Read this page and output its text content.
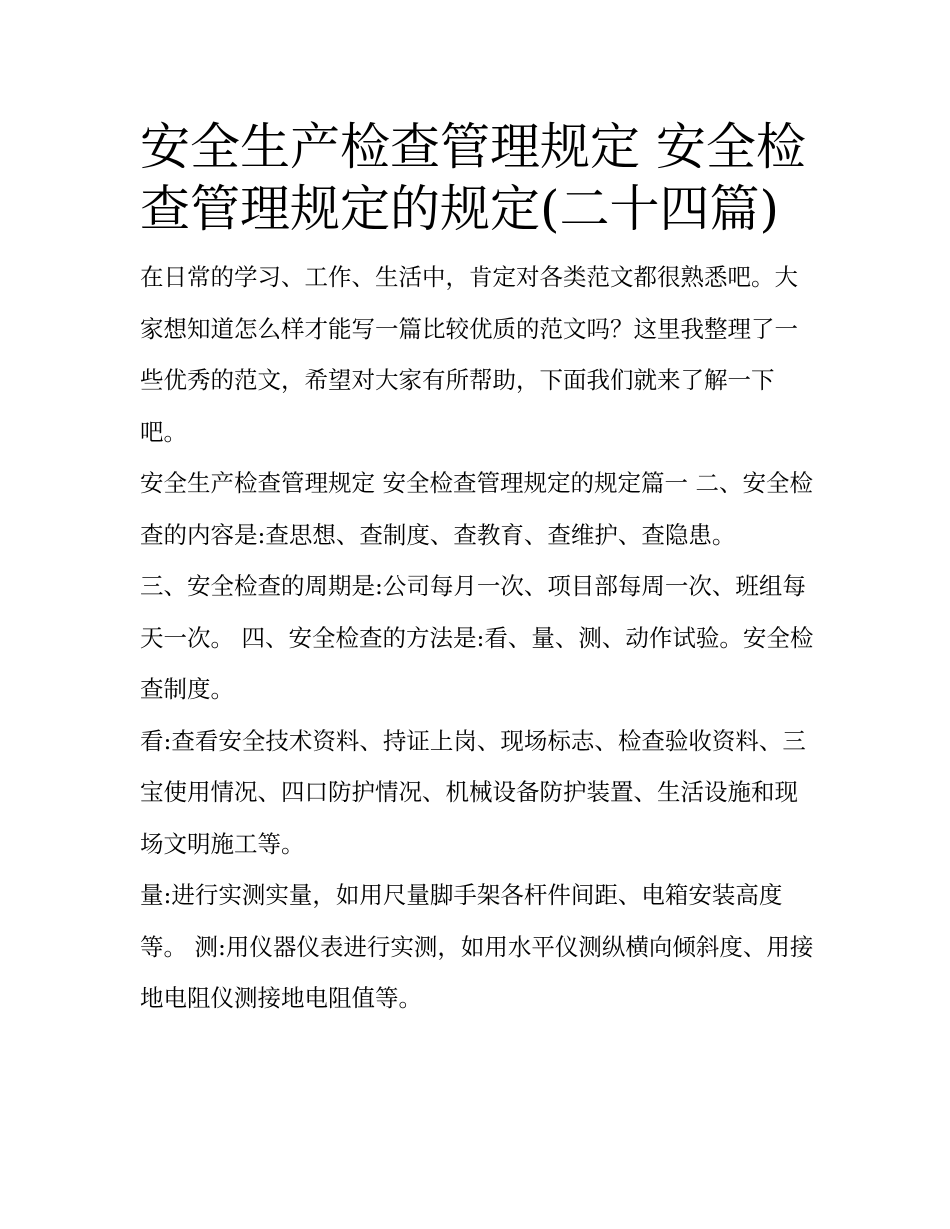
安全生产检查管理规定 安全检查管理规定的规定(二十四篇)

在日常的学习、工作、生活中，肯定对各类范文都很熟悉吧。大家想知道怎么样才能写一篇比较优质的范文吗？这里我整理了一些优秀的范文，希望对大家有所帮助，下面我们就来了解一下吧。

安全生产检查管理规定 安全检查管理规定的规定篇一 二、安全检查的内容是:查思想、查制度、查教育、查维护、查隐患。

三、安全检查的周期是:公司每月一次、项目部每周一次、班组每天一次。 四、安全检查的方法是:看、量、测、动作试验。安全检查制度。

看:查看安全技术资料、持证上岗、现场标志、检查验收资料、三宝使用情况、四口防护情况、机械设备防护装置、生活设施和现场文明施工等。

量:进行实测实量，如用尺量脚手架各杆件间距、电箱安装高度等。 测:用仪器仪表进行实测，如用水平仪测纵横向倾斜度、用接地电阻仪测接地电阻值等。
